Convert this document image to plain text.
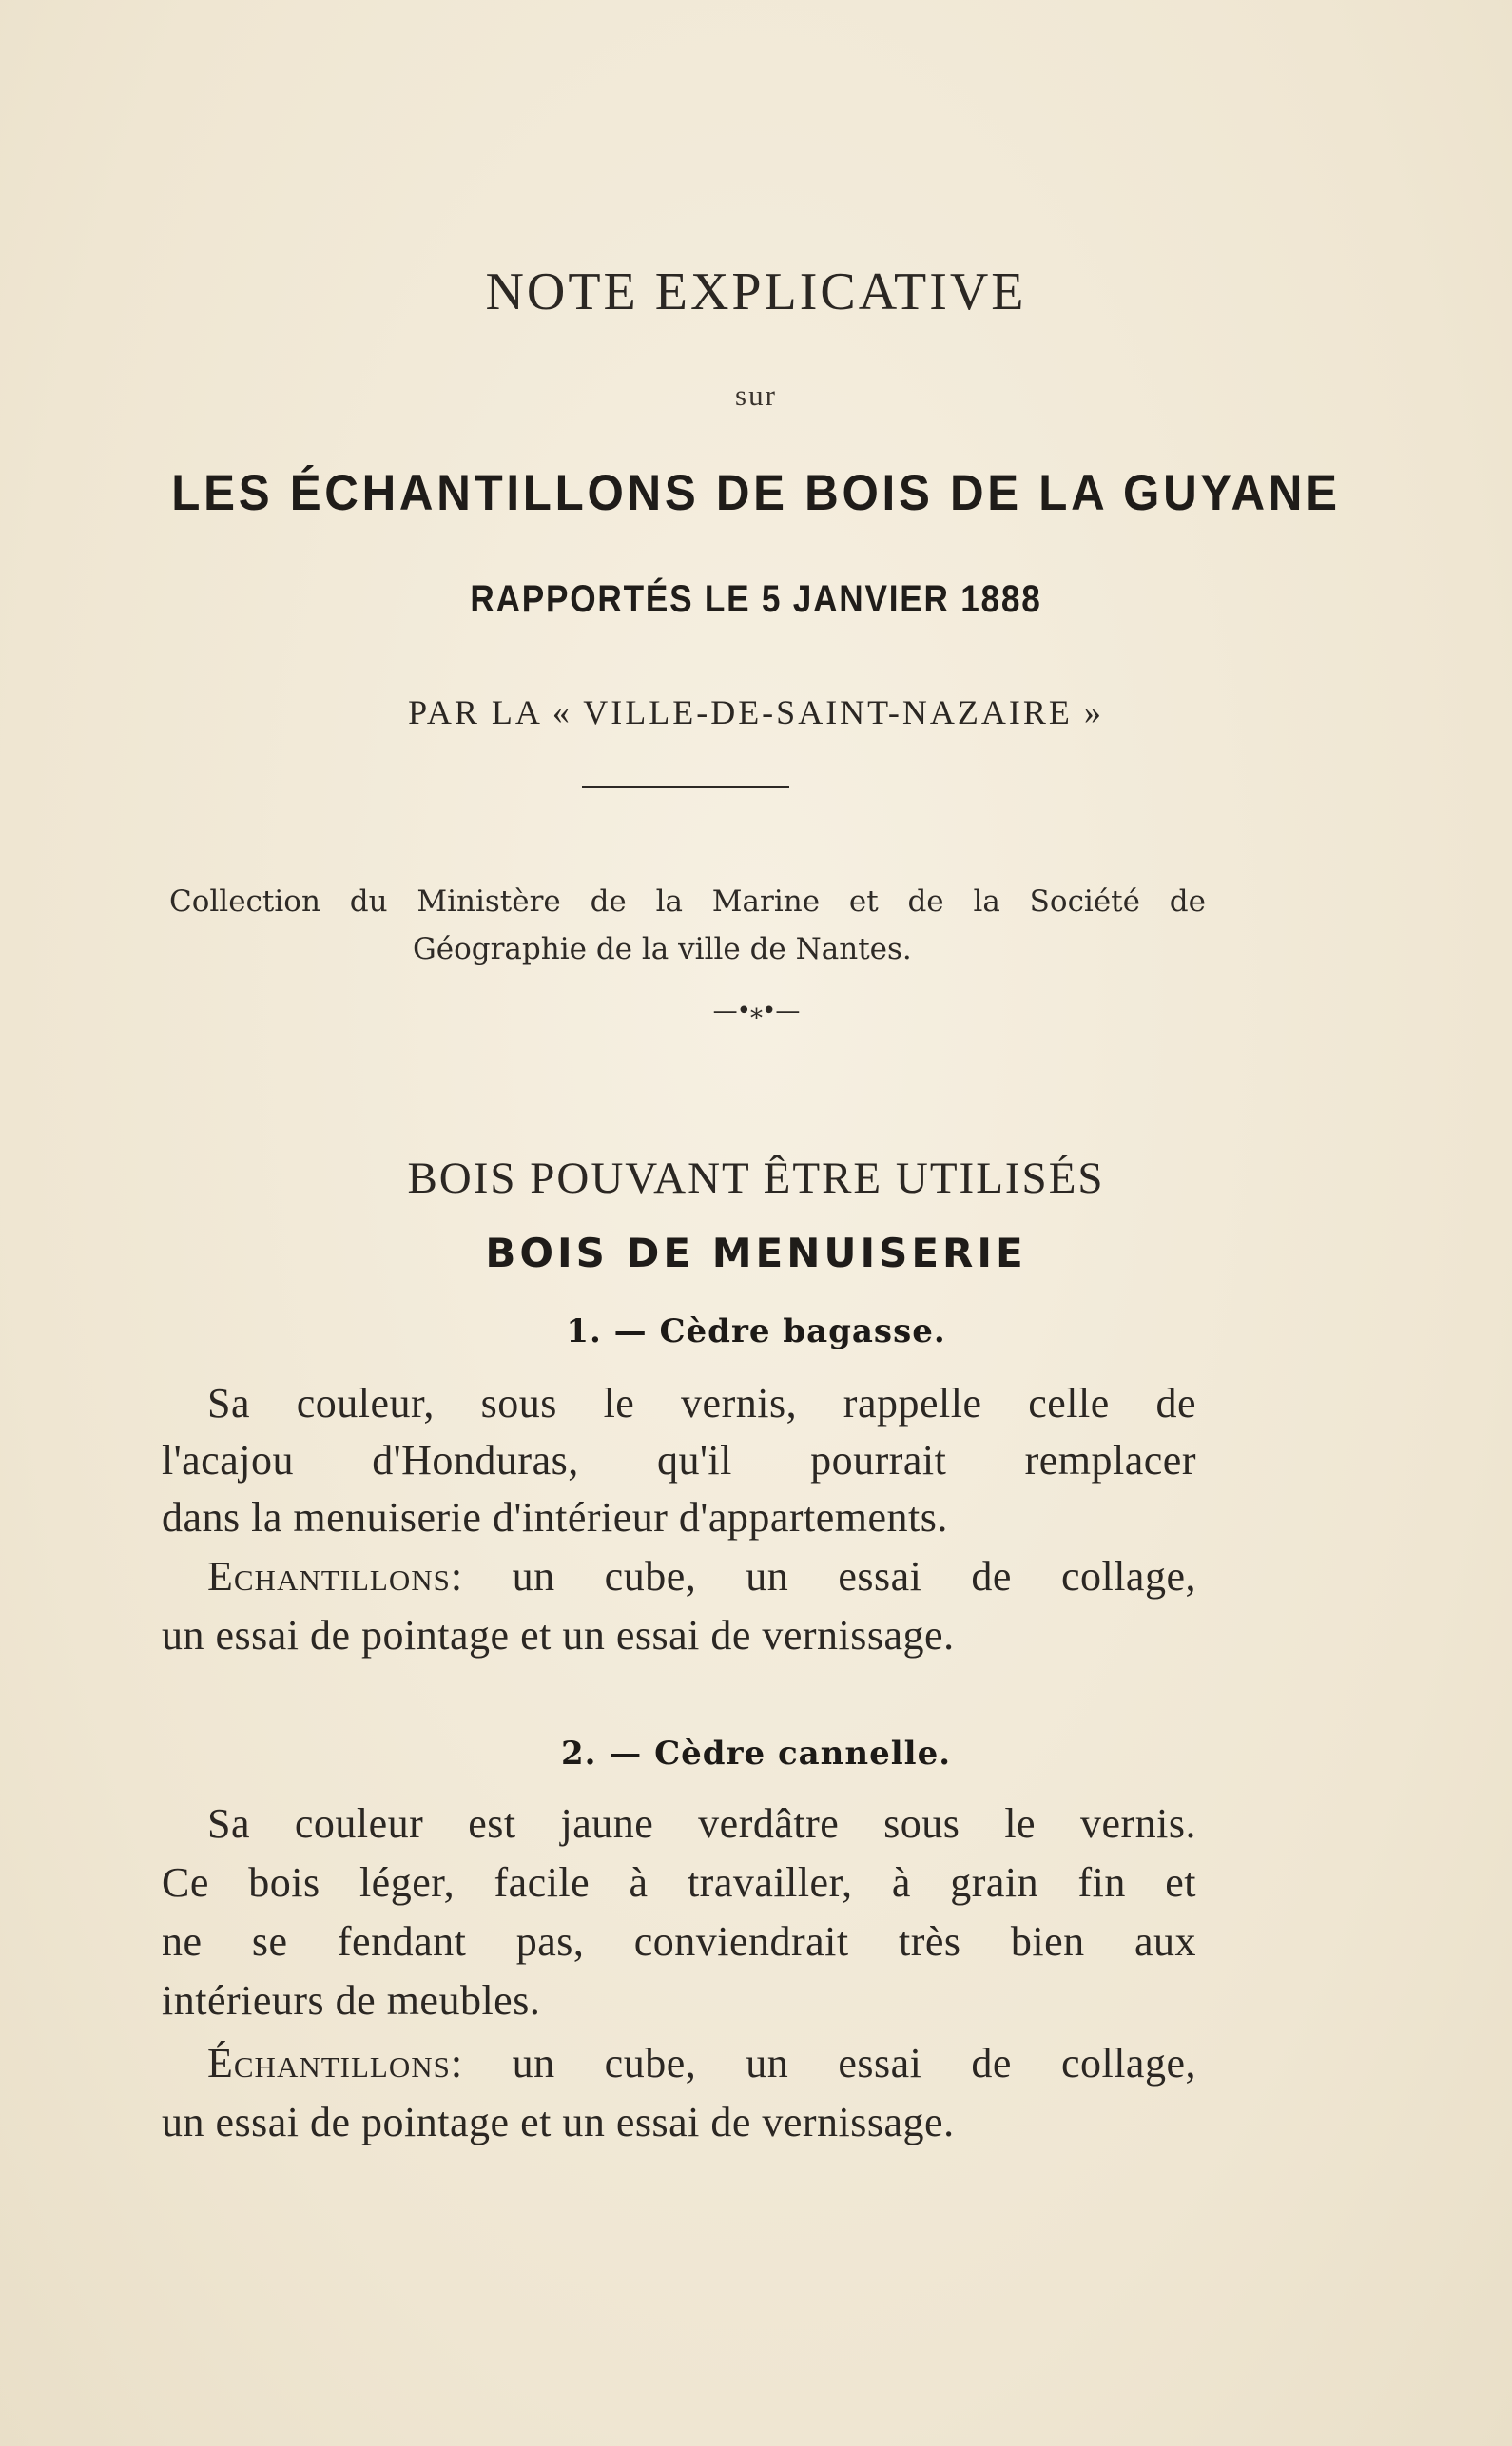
NOTE EXPLICATIVE
sur
LES ÉCHANTILLONS DE BOIS DE LA GUYANE
RAPPORTÉS LE 5 JANVIER 1888
PAR LA « VILLE-DE-SAINT-NAZAIRE »
Collection du Ministère de la Marine et de la Société de
Géographie de la ville de Nantes.
—•⁎•—
BOIS POUVANT ÊTRE UTILISÉS
BOIS DE MENUISERIE
1. — Cèdre bagasse.
Sa couleur, sous le vernis, rappelle celle de
l'acajou d'Honduras, qu'il pourrait remplacer
dans la menuiserie d'intérieur d'appartements.
Echantillons: un cube, un essai de collage,
un essai de pointage et un essai de vernissage.
2. — Cèdre cannelle.
Sa couleur est jaune verdâtre sous le vernis.
Ce bois léger, facile à travailler, à grain fin et
ne se fendant pas, conviendrait très bien aux
intérieurs de meubles.
Échantillons: un cube, un essai de collage,
un essai de pointage et un essai de vernissage.
